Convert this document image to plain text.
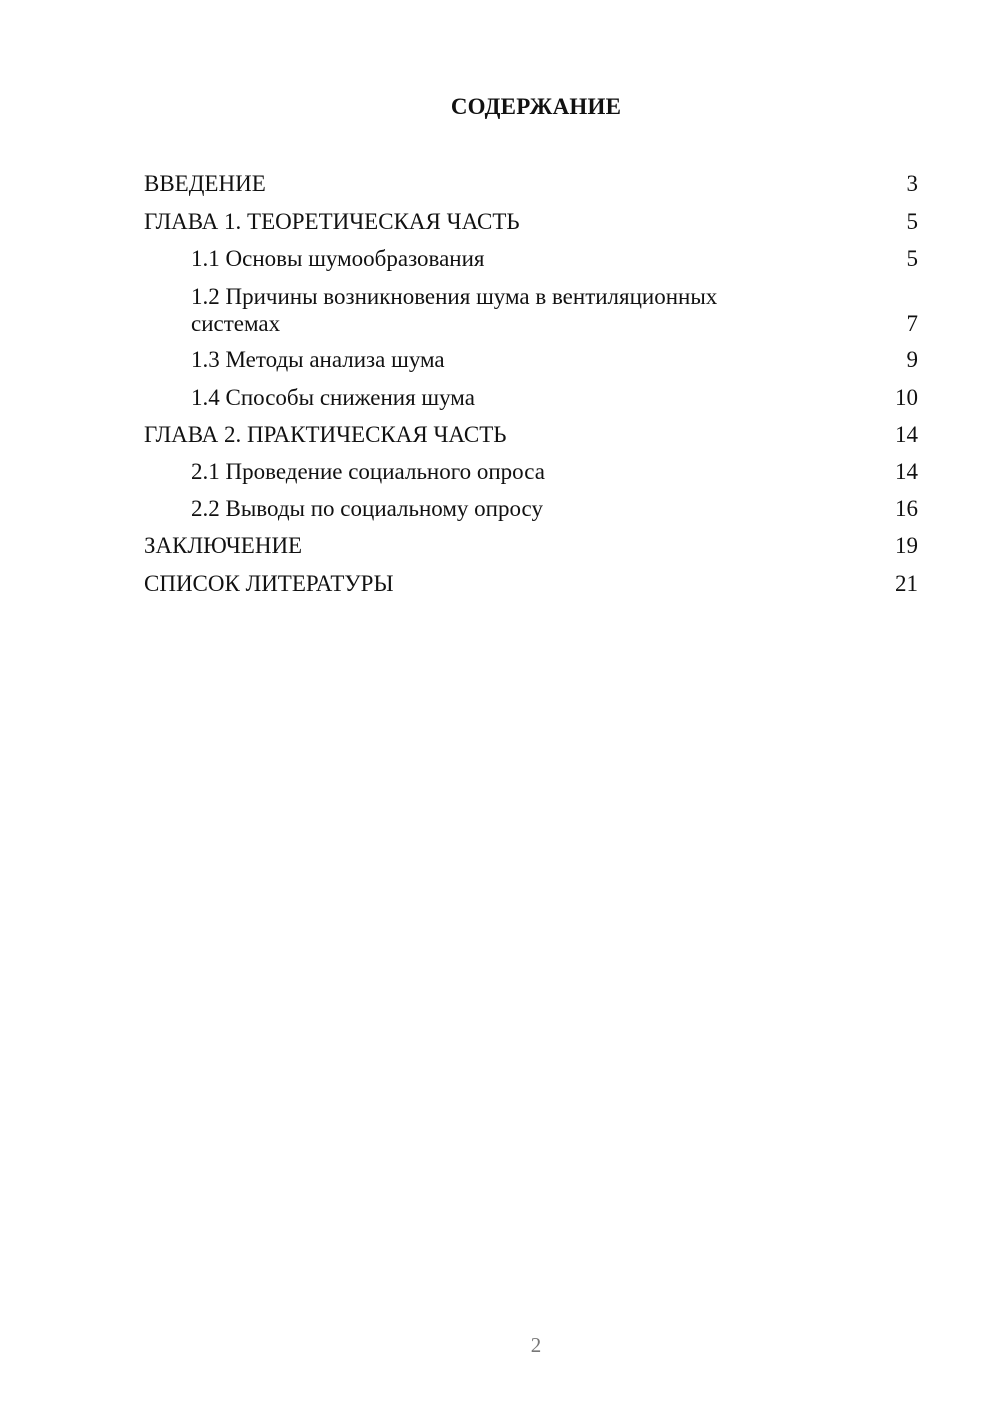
СОДЕРЖАНИЕ
ВВЕДЕНИЕ	3
ГЛАВА 1. ТЕОРЕТИЧЕСКАЯ ЧАСТЬ	5
1.1 Основы шумообразования	5
1.2 Причины возникновения шума в вентиляционных системах	7
1.3 Методы анализа шума	9
1.4 Способы снижения шума	10
ГЛАВА 2. ПРАКТИЧЕСКАЯ ЧАСТЬ	14
2.1 Проведение социального опроса	14
2.2 Выводы по социальному опросу	16
ЗАКЛЮЧЕНИЕ	19
СПИСОК ЛИТЕРАТУРЫ	21
2
